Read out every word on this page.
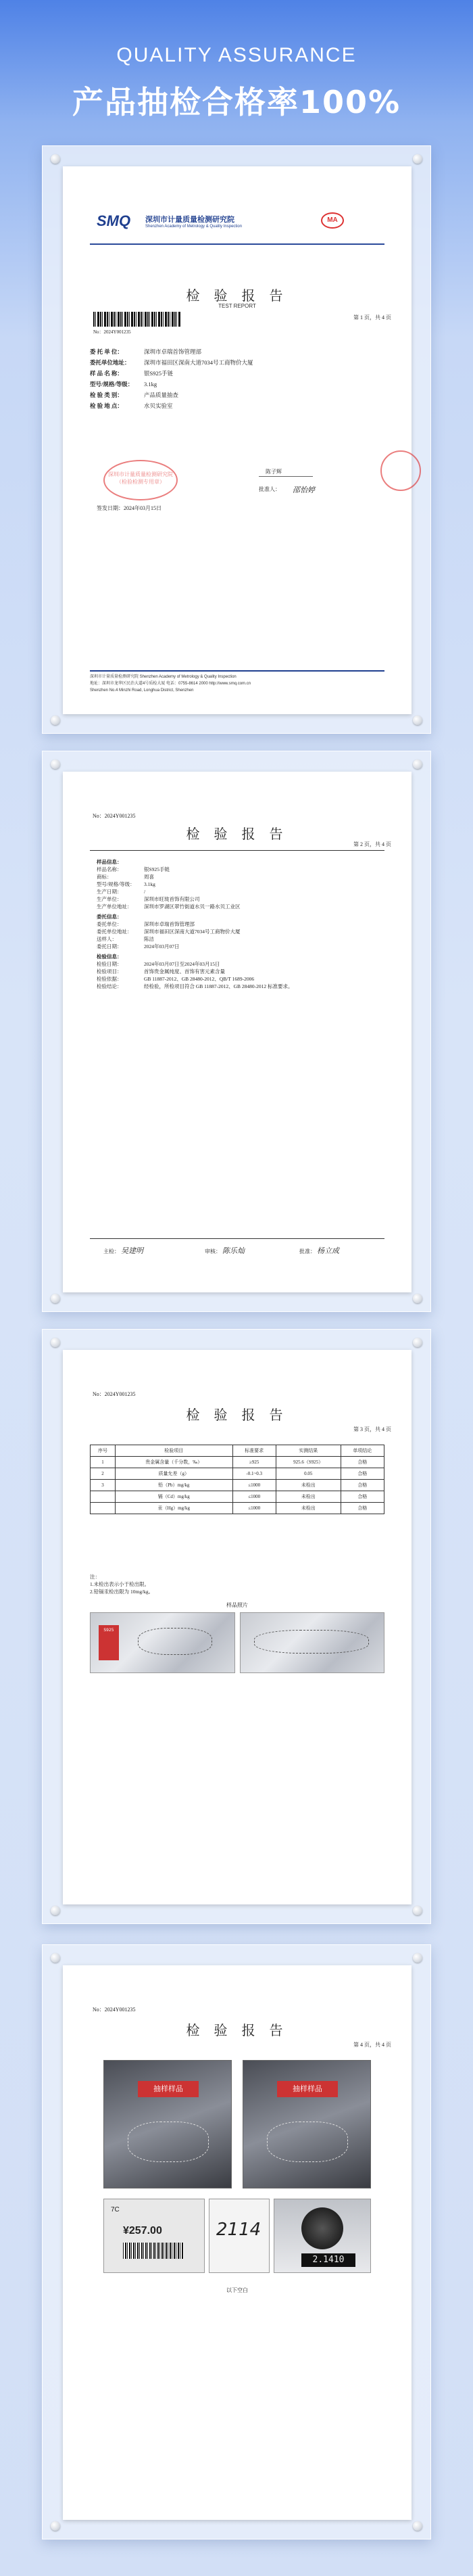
QUALITY ASSURANCE
产品抽检合格率100%
SMQ 深圳市计量质量检测研究院
Shenzhen Academy of Metrology & Quality Inspection
MA
检 验 报 告
TEST REPORT
第 1 页，共 4 页
No：2024Y001235
委 托 单 位：	深圳市卓瑞首饰管理部
委托单位地址： 深圳市福田区深南大道7034号工商物价大厦
样 品 名 称：	银S925手链
型号/规格/等级： 3.1kg
检 验 类 别：	产品质量抽查
检 验 地 点：	水贝实验室
深圳市计量质量检测研究院（检验检测专用章）
陈子辉
批准人： 邵怡婷
签发日期：2024年03月15日
深圳市计量质量检测研究院 Shenzhen Academy of Metrology & Quality Inspection
地址：深圳市龙华区民治大道4号质检大厦 电话：0755-8614 2000 http://www.smq.com.cn
Shenzhen No.4 Minzhi Road, Longhua District, Shenzhen
No：2024Y001235
检 验 报 告
第 2 页，共 4 页
样品信息：
样品名称：	银S925手链
商标：	周喜
型号/规格/等级： 3.1kg
生产日期：	/
生产单位：	深圳市旺珑首饰有限公司
生产单位地址： 深圳市罗湖区翠竹街道水贝一路水贝工业区
委托信息：
委托单位：	深圳市卓瑞首饰管理部
委托单位地址： 深圳市福田区深南大道7034号工商物价大厦
送样人：	陈洁
委托日期：	2024年03月07日
检验信息：
检验日期：	2024年03月07日至2024年03月15日
检验项目：	首饰贵金属纯度、首饰有害元素含量
检验依据：	GB 11887-2012、GB 28480-2012、QB/T 1689-2006
检验结论：	经检验，所检项目符合 GB 11887-2012、GB 28480-2012 标准要求。
主检： 吴建明	审核： 陈乐灿	批准： 杨立成
No：2024Y001235
检 验 报 告
第 3 页，共 4 页
序号	检验项目	标准要求	实测结果	单项结论
1	贵金属含量（千分数，‰）	≥925	925.6（S925）	合格
2	质量允差（g）	-0.1~0.3	0.05	合格
3	铅（Pb）mg/kg	≤1000	未检出	合格
	镉（Cd）mg/kg	≤1000	未检出	合格
	汞（Hg）mg/kg	≤1000	未检出	合格
注：
1.未检出表示小于检出限。
2.铅镉汞检出限为 10mg/kg。
样品照片
S925
No：2024Y001235
检 验 报 告
第 4 页，共 4 页
抽样样品	抽样样品
7C
¥257.00	2114
2.1410
以下空白
